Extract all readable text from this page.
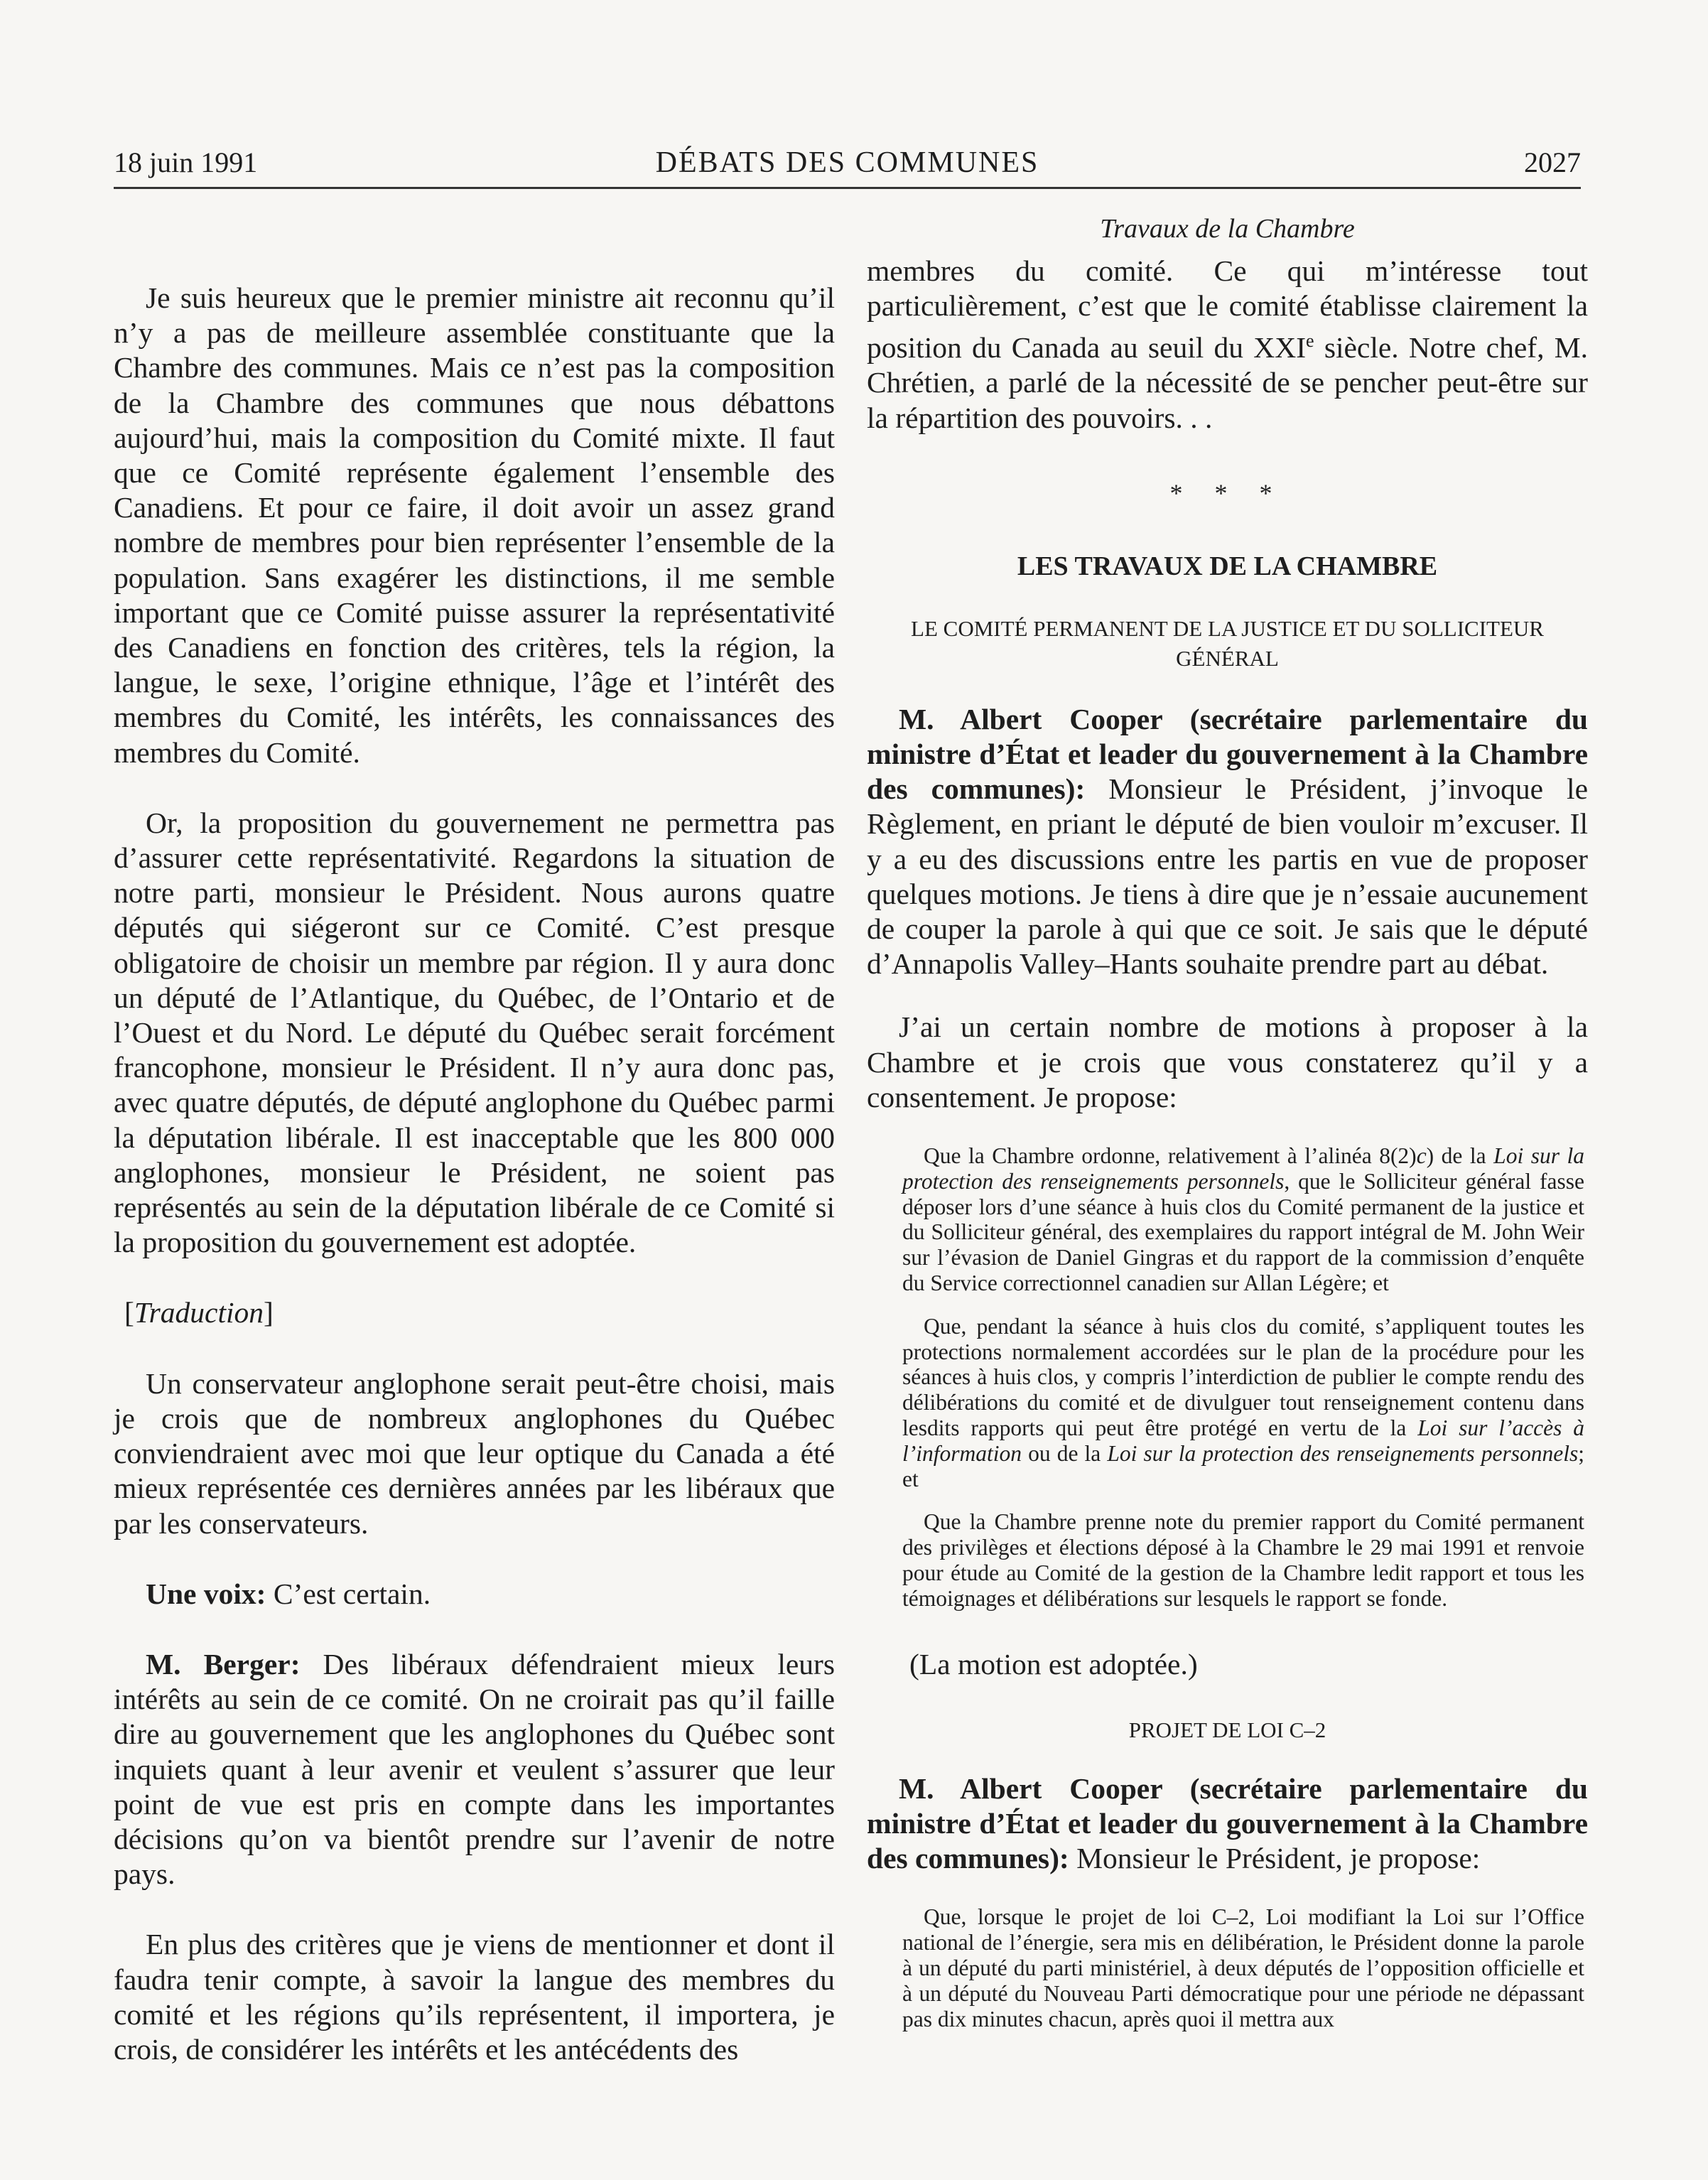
18 juin 1991	DÉBATS DES COMMUNES	2027

Je suis heureux que le premier ministre ait reconnu qu’il n’y a pas de meilleure assemblée constituante que la Chambre des communes. Mais ce n’est pas la composition de la Chambre des communes que nous débattons aujourd’hui, mais la composition du Comité mixte. Il faut que ce Comité représente également l’ensemble des Canadiens. Et pour ce faire, il doit avoir un assez grand nombre de membres pour bien représenter l’ensemble de la population. Sans exagérer les distinctions, il me semble important que ce Comité puisse assurer la représentativité des Canadiens en fonction des critères, tels la région, la langue, le sexe, l’origine ethnique, l’âge et l’intérêt des membres du Comité, les intérêts, les connaissances des membres du Comité.

Or, la proposition du gouvernement ne permettra pas d’assurer cette représentativité. Regardons la situation de notre parti, monsieur le Président. Nous aurons quatre députés qui siégeront sur ce Comité. C’est presque obligatoire de choisir un membre par région. Il y aura donc un député de l’Atlantique, du Québec, de l’Ontario et de l’Ouest et du Nord. Le député du Québec serait forcément francophone, monsieur le Président. Il n’y aura donc pas, avec quatre députés, de député anglophone du Québec parmi la députation libérale. Il est inacceptable que les 800 000 anglophones, monsieur le Président, ne soient pas représentés au sein de la députation libérale de ce Comité si la proposition du gouvernement est adoptée.

[Traduction]

Un conservateur anglophone serait peut-être choisi, mais je crois que de nombreux anglophones du Québec conviendraient avec moi que leur optique du Canada a été mieux représentée ces dernières années par les libéraux que par les conservateurs.

Une voix: C’est certain.

M. Berger: Des libéraux défendraient mieux leurs intérêts au sein de ce comité. On ne croirait pas qu’il faille dire au gouvernement que les anglophones du Québec sont inquiets quant à leur avenir et veulent s’assurer que leur point de vue est pris en compte dans les importantes décisions qu’on va bientôt prendre sur l’avenir de notre pays.

En plus des critères que je viens de mentionner et dont il faudra tenir compte, à savoir la langue des membres du comité et les régions qu’ils représentent, il importera, je crois, de considérer les intérêts et les antécédents des

Travaux de la Chambre

membres du comité. Ce qui m’intéresse tout particulièrement, c’est que le comité établisse clairement la position du Canada au seuil du XXIe siècle. Notre chef, M. Chrétien, a parlé de la nécessité de se pencher peut-être sur la répartition des pouvoirs. . .

* * *
LES TRAVAUX DE LA CHAMBRE
LE COMITÉ PERMANENT DE LA JUSTICE ET DU SOLLICITEUR GÉNÉRAL

M. Albert Cooper (secrétaire parlementaire du ministre d’État et leader du gouvernement à la Chambre des communes): Monsieur le Président, j’invoque le Règlement, en priant le député de bien vouloir m’excuser. Il y a eu des discussions entre les partis en vue de proposer quelques motions. Je tiens à dire que je n’essaie aucunement de couper la parole à qui que ce soit. Je sais que le député d’Annapolis Valley–Hants souhaite prendre part au débat.

J’ai un certain nombre de motions à proposer à la Chambre et je crois que vous constaterez qu’il y a consentement. Je propose:

Que la Chambre ordonne, relativement à l’alinéa 8(2)c) de la Loi sur la protection des renseignements personnels, que le Solliciteur général fasse déposer lors d’une séance à huis clos du Comité permanent de la justice et du Solliciteur général, des exemplaires du rapport intégral de M. John Weir sur l’évasion de Daniel Gingras et du rapport de la commission d’enquête du Service correctionnel canadien sur Allan Légère; et
Que, pendant la séance à huis clos du comité, s’appliquent toutes les protections normalement accordées sur le plan de la procédure pour les séances à huis clos, y compris l’interdiction de publier le compte rendu des délibérations du comité et de divulguer tout renseignement contenu dans lesdits rapports qui peut être protégé en vertu de la Loi sur l’accès à l’information ou de la Loi sur la protection des renseignements personnels; et
Que la Chambre prenne note du premier rapport du Comité permanent des privilèges et élections déposé à la Chambre le 29 mai 1991 et renvoie pour étude au Comité de la gestion de la Chambre ledit rapport et tous les témoignages et délibérations sur lesquels le rapport se fonde.

(La motion est adoptée.)

PROJET DE LOI C–2

M. Albert Cooper (secrétaire parlementaire du ministre d’État et leader du gouvernement à la Chambre des communes): Monsieur le Président, je propose:

Que, lorsque le projet de loi C–2, Loi modifiant la Loi sur l’Office national de l’énergie, sera mis en délibération, le Président donne la parole à un député du parti ministériel, à deux députés de l’opposition officielle et à un député du Nouveau Parti démocratique pour une période ne dépassant pas dix minutes chacun, après quoi il mettra aux
